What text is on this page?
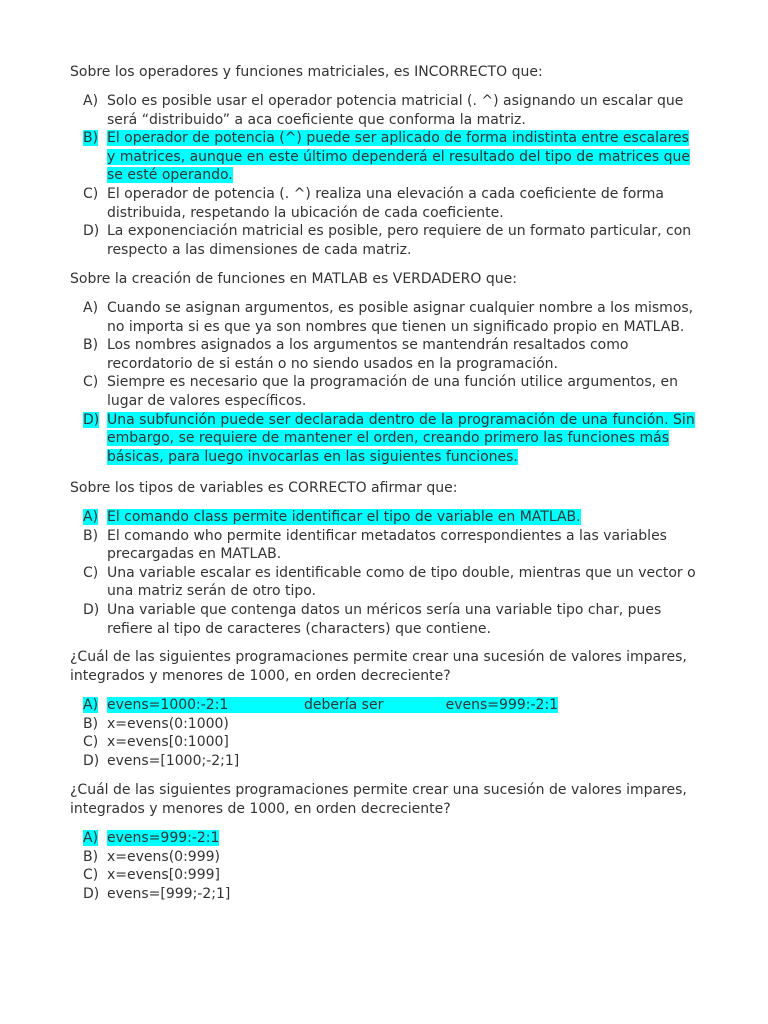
Sobre los operadores y funciones matriciales, es INCORRECTO que:
A) Solo es posible usar el operador potencia matricial (. ^) asignando un escalar que
será “distribuido” a aca coeficiente que conforma la matriz.
B) El operador de potencia (^) puede ser aplicado de forma indistinta entre escalares
y matrices, aunque en este último dependerá el resultado del tipo de matrices que
se esté operando.
C) El operador de potencia (. ^) realiza una elevación a cada coeficiente de forma
distribuida, respetando la ubicación de cada coeficiente.
D) La exponenciación matricial es posible, pero requiere de un formato particular, con
respecto a las dimensiones de cada matriz.
Sobre la creación de funciones en MATLAB es VERDADERO que:
A) Cuando se asignan argumentos, es posible asignar cualquier nombre a los mismos,
no importa si es que ya son nombres que tienen un significado propio en MATLAB.
B) Los nombres asignados a los argumentos se mantendrán resaltados como
recordatorio de si están o no siendo usados en la programación.
C) Siempre es necesario que la programación de una función utilice argumentos, en
lugar de valores específicos.
D) Una subfunción puede ser declarada dentro de la programación de una función. Sin
embargo, se requiere de mantener el orden, creando primero las funciones más
básicas, para luego invocarlas en las siguientes funciones.
Sobre los tipos de variables es CORRECTO afirmar que:
A) El comando class permite identificar el tipo de variable en MATLAB.
B) El comando who permite identificar metadatos correspondientes a las variables
precargadas en MATLAB.
C) Una variable escalar es identificable como de tipo double, mientras que un vector o
una matriz serán de otro tipo.
D) Una variable que contenga datos un méricos sería una variable tipo char, pues
refiere al tipo de caracteres (characters) que contiene.
¿Cuál de las siguientes programaciones permite crear una sucesión de valores impares,
integrados y menores de 1000, en orden decreciente?
A) evens=1000:-2:1                 debería ser              evens=999:-2:1
B) x=evens(0:1000)
C) x=evens[0:1000]
D) evens=[1000;-2;1]
¿Cuál de las siguientes programaciones permite crear una sucesión de valores impares,
integrados y menores de 1000, en orden decreciente?
A) evens=999:-2:1
B) x=evens(0:999)
C) x=evens[0:999]
D) evens=[999;-2;1]
